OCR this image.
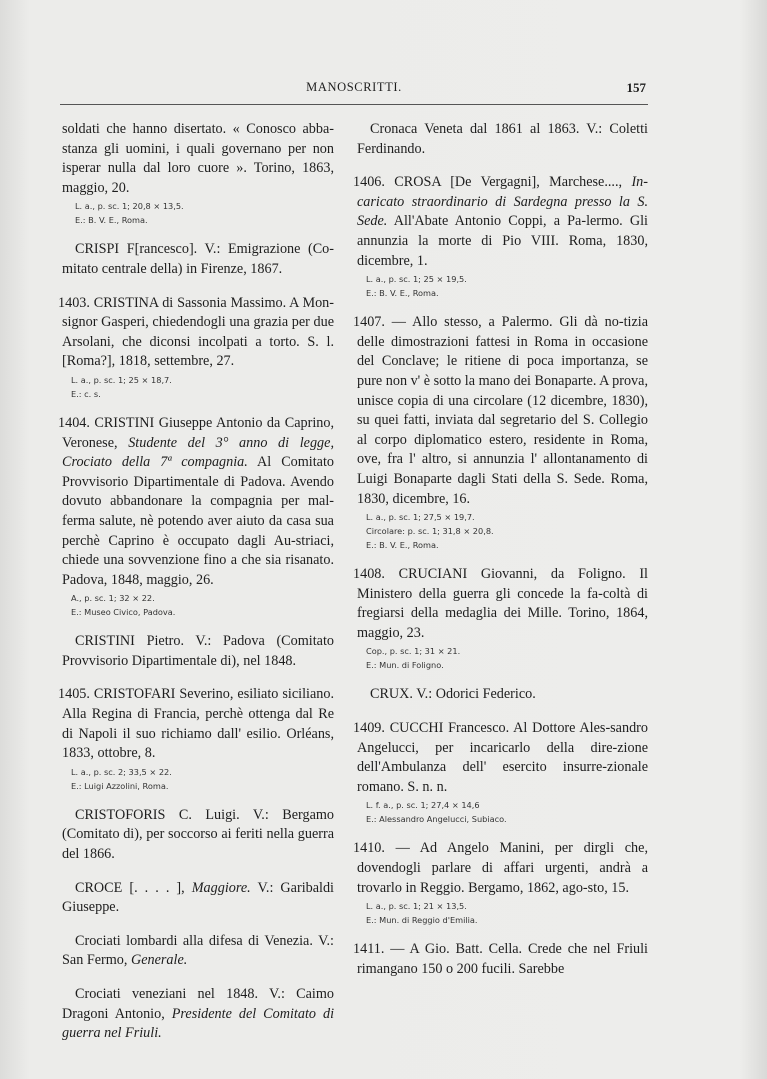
MANOSCRITTI.	157
soldati che hanno disertato. « Conosco abba-stanza gli uomini, i quali governano per non isperar nulla dal loro cuore ». Torino, 1863, maggio, 20.
L. a., p. sc. 1; 20,8 × 13,5.
E.: B. V. E., Roma.
CRISPI F[rancesco]. V.: Emigrazione (Co-mitato centrale della) in Firenze, 1867.
1403. CRISTINA di Sassonia Massimo. A Mon-signor Gasperi, chiedendogli una grazia per due Arsolani, che diconsi incolpati a torto. S. l. [Roma?], 1818, settembre, 27.
L. a., p. sc. 1; 25 × 18,7.
E.: c. s.
1404. CRISTINI Giuseppe Antonio da Caprino, Veronese, Studente del 3° anno di legge, Crociato della 7ª compagnia. Al Comitato Provvisorio Dipartimentale di Padova. Avendo dovuto abbandonare la compagnia per mal-ferma salute, nè potendo aver aiuto da casa sua perchè Caprino è occupato dagli Au-striaci, chiede una sovvenzione fino a che sia risanato. Padova, 1848, maggio, 26.
A., p. sc. 1; 32 × 22.
E.: Museo Civico, Padova.
CRISTINI Pietro. V.: Padova (Comitato Provvisorio Dipartimentale di), nel 1848.
1405. CRISTOFARI Severino, esiliato siciliano. Alla Regina di Francia, perchè ottenga dal Re di Napoli il suo richiamo dall' esilio. Orléans, 1833, ottobre, 8.
L. a., p. sc. 2; 33,5 × 22.
E.: Luigi Azzolini, Roma.
CRISTOFORIS C. Luigi. V.: Bergamo (Comitato di), per soccorso ai feriti nella guerra del 1866.
CROCE [. . . . ], Maggiore. V.: Garibaldi Giuseppe.
Crociati lombardi alla difesa di Venezia. V.: San Fermo, Generale.
Crociati veneziani nel 1848. V.: Caimo Dragoni Antonio, Presidente del Comitato di guerra nel Friuli.
Cronaca Veneta dal 1861 al 1863. V.: Coletti Ferdinando.
1406. CROSA [De Vergagni], Marchese...., In-caricato straordinario di Sardegna presso la S. Sede. All'Abate Antonio Coppi, a Pa-lermo. Gli annunzia la morte di Pio VIII. Roma, 1830, dicembre, 1.
L. a., p. sc. 1; 25 × 19,5.
E.: B. V. E., Roma.
1407. — Allo stesso, a Palermo. Gli dà no-tizia delle dimostrazioni fattesi in Roma in occasione del Conclave; le ritiene di poca importanza, se pure non v' è sotto la mano dei Bonaparte. A prova, unisce copia di una circolare (12 dicembre, 1830), su quei fatti, inviata dal segretario del S. Collegio al corpo diplomatico estero, residente in Roma, ove, fra l' altro, si annunzia l' allontanamento di Luigi Bonaparte dagli Stati della S. Sede. Roma, 1830, dicembre, 16.
L. a., p. sc. 1; 27,5 × 19,7.
Circolare: p. sc. 1; 31,8 × 20,8.
E.: B. V. E., Roma.
1408. CRUCIANI Giovanni, da Foligno. Il Ministero della guerra gli concede la fa-coltà di fregiarsi della medaglia dei Mille. Torino, 1864, maggio, 23.
Cop., p. sc. 1; 31 × 21.
E.: Mun. di Foligno.
CRUX. V.: Odorici Federico.
1409. CUCCHI Francesco. Al Dottore Ales-sandro Angelucci, per incaricarlo della dire-zione dell'Ambulanza dell' esercito insurre-zionale romano. S. n. n.
L. f. a., p. sc. 1; 27,4 × 14,6
E.: Alessandro Angelucci, Subiaco.
1410. — Ad Angelo Manini, per dirgli che, dovendogli parlare di affari urgenti, andrà a trovarlo in Reggio. Bergamo, 1862, ago-sto, 15.
L. a., p. sc. 1; 21 × 13,5.
E.: Mun. di Reggio d'Emilia.
1411. — A Gio. Batt. Cella. Crede che nel Friuli rimangano 150 o 200 fucili. Sarebbe
